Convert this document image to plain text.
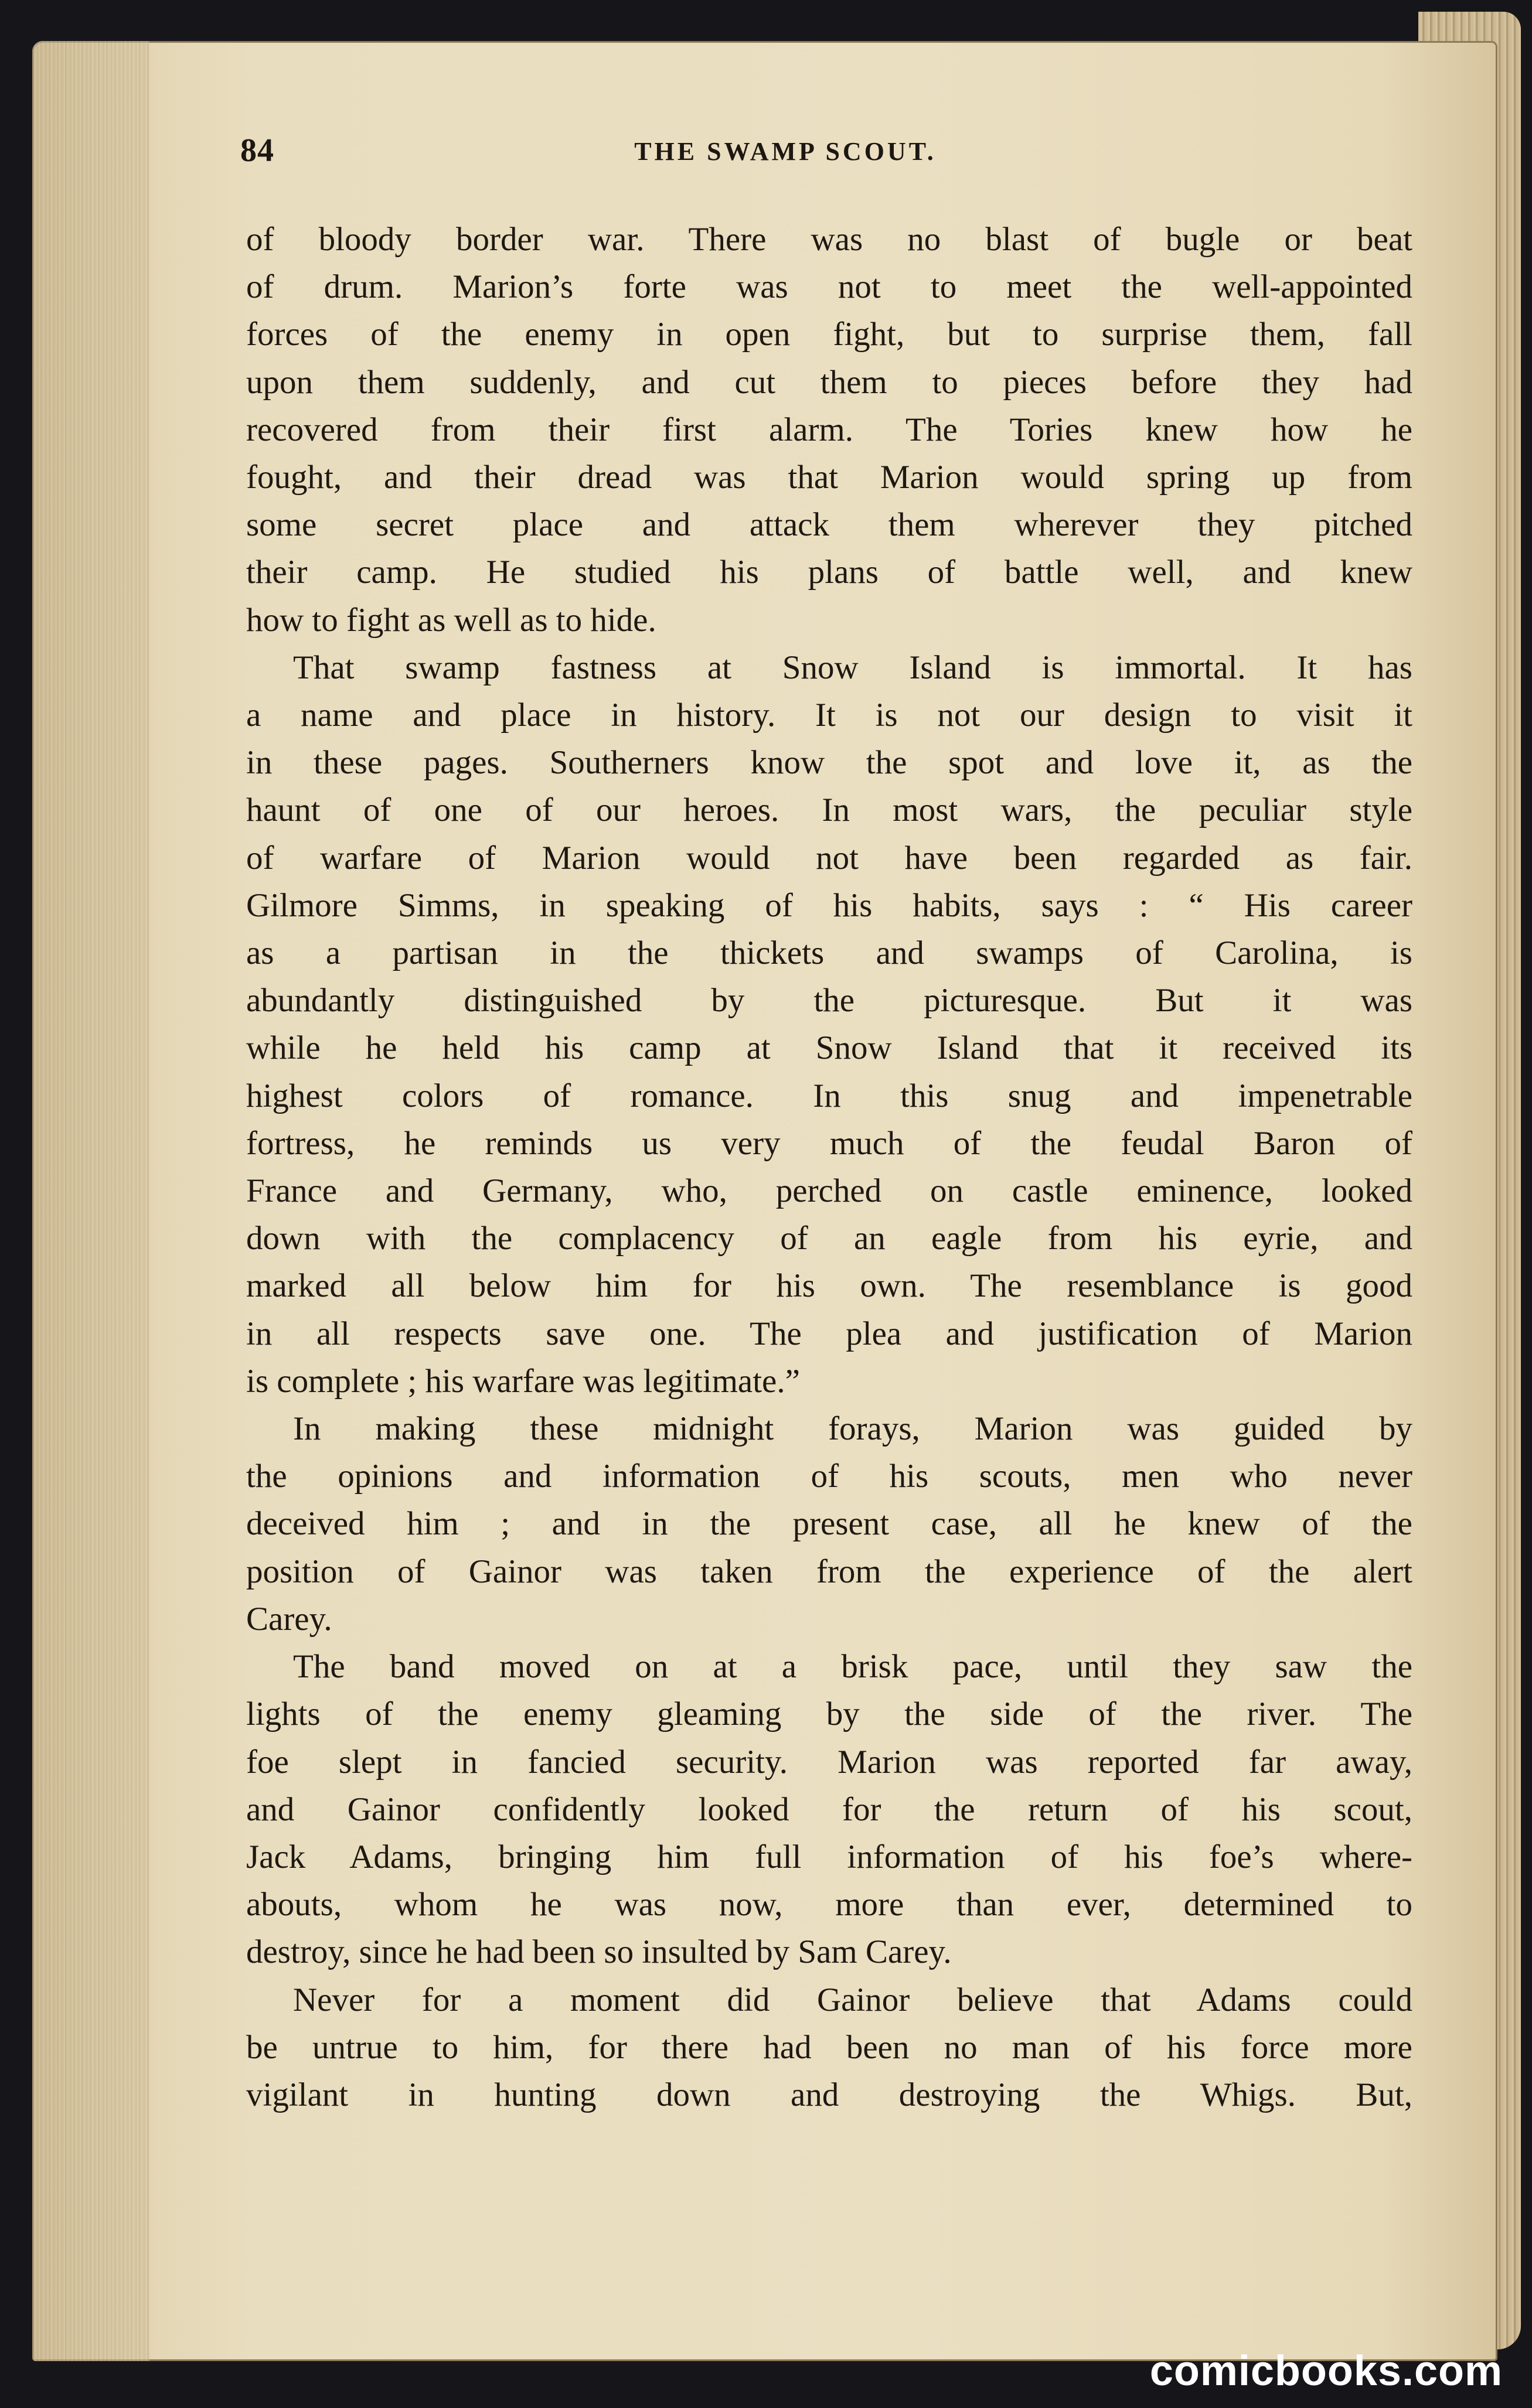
84	THE SWAMP SCOUT.

of bloody border war. There was no blast of bugle or beat

of drum. Marion’s forte was not to meet the well-appointed

forces of the enemy in open fight, but to surprise them, fall

upon them suddenly, and cut them to pieces before they had

recovered from their first alarm. The Tories knew how he

fought, and their dread was that Marion would spring up from

some secret place and attack them wherever they pitched

their camp. He studied his plans of battle well, and knew

how to fight as well as to hide.

That swamp fastness at Snow Island is immortal. It has

a name and place in history. It is not our design to visit it

in these pages. Southerners know the spot and love it, as the

haunt of one of our heroes. In most wars, the peculiar style

of warfare of Marion would not have been regarded as fair.

Gilmore Simms, in speaking of his habits, says : “ His career

as a partisan in the thickets and swamps of Carolina, is

abundantly distinguished by the picturesque. But it was

while he held his camp at Snow Island that it received its

highest colors of romance. In this snug and impenetrable

fortress, he reminds us very much of the feudal Baron of

France and Germany, who, perched on castle eminence, looked

down with the complacency of an eagle from his eyrie, and

marked all below him for his own. The resemblance is good

in all respects save one. The plea and justification of Marion

is complete ; his warfare was legitimate.”

In making these midnight forays, Marion was guided by

the opinions and information of his scouts, men who never

deceived him ; and in the present case, all he knew of the

position of Gainor was taken from the experience of the alert

Carey.

The band moved on at a brisk pace, until they saw the

lights of the enemy gleaming by the side of the river. The

foe slept in fancied security. Marion was reported far away,

and Gainor confidently looked for the return of his scout,

Jack Adams, bringing him full information of his foe’s where-

abouts, whom he was now, more than ever, determined to

destroy, since he had been so insulted by Sam Carey.

Never for a moment did Gainor believe that Adams could

be untrue to him, for there had been no man of his force more

vigilant in hunting down and destroying the Whigs. But,

comicbooks.com
